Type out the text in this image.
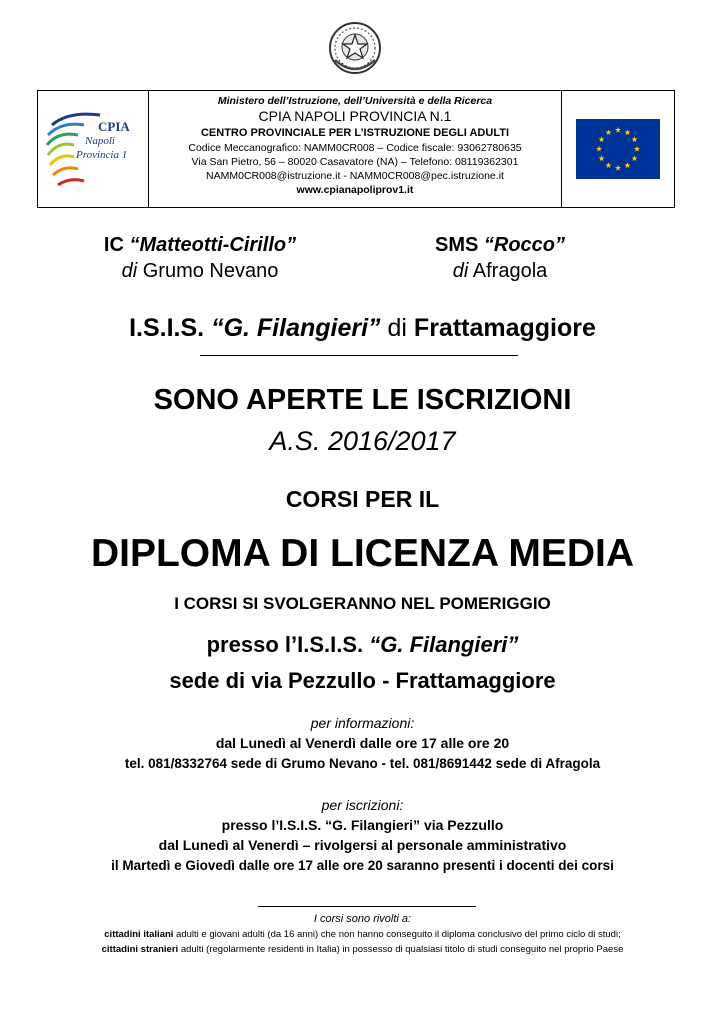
CPIA
Napoli
Provincia 1
Ministero dell’Istruzione, dell’Università e della Ricerca
CPIA NAPOLI PROVINCIA N.1
CENTRO PROVINCIALE PER L’ISTRUZIONE DEGLI ADULTI
Codice Meccanografico: NAMM0CR008 – Codice fiscale: 93062780635
Via San Pietro, 56 – 80020 Casavatore (NA) – Telefono: 08119362301
NAMM0CR008@istruzione.it - NAMM0CR008@pec.istruzione.it
www.cpianapoliprov1.it
IC “Matteotti-Cirillo”
di Grumo Nevano
SMS “Rocco”
di Afragola
I.S.I.S. “G. Filangieri” di Frattamaggiore
SONO APERTE LE ISCRIZIONI
A.S. 2016/2017
CORSI PER IL
DIPLOMA DI LICENZA MEDIA
I CORSI SI SVOLGERANNO NEL POMERIGGIO
presso l’I.S.I.S. “G. Filangieri”
sede di via Pezzullo - Frattamaggiore
per informazioni:
dal Lunedì al Venerdì dalle ore 17 alle ore 20
tel. 081/8332764 sede di Grumo Nevano - tel. 081/8691442 sede di Afragola
per iscrizioni:
presso l’I.S.I.S. “G. Filangieri” via Pezzullo
dal Lunedì al Venerdì – rivolgersi al personale amministrativo
il Martedì e Giovedì dalle ore 17 alle ore 20 saranno presenti i docenti dei corsi
I corsi sono rivolti a:
cittadini italiani adulti e giovani adulti (da 16 anni) che non hanno conseguito il diploma conclusivo del primo ciclo di studi;
cittadini stranieri adulti (regolarmente residenti in Italia) in possesso di qualsiasi titolo di studi conseguito nel proprio Paese
